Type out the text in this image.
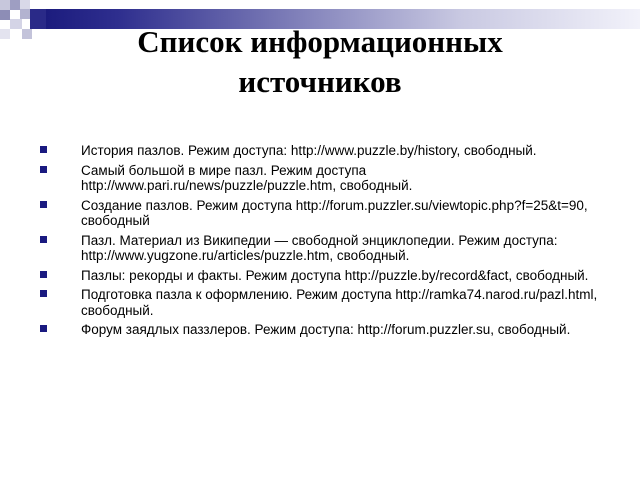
Список информационных
источников
История пазлов. Режим доступа: http://www.puzzle.by/history, свободный.
Самый большой в мире пазл. Режим доступа http://www.pari.ru/news/puzzle/puzzle.htm, свободный.
Создание пазлов. Режим доступа http://forum.puzzler.su/viewtopic.php?f=25&t=90, свободный
Пазл. Материал из Википедии — свободной энциклопедии. Режим доступа: http://www.yugzone.ru/articles/puzzle.htm, свободный.
Пазлы: рекорды и факты. Режим доступа http://puzzle.by/record&fact, свободный.
Подготовка пазла к оформлению. Режим доступа http://ramka74.narod.ru/pazl.html, свободный.
Форум заядлых паззлеров. Режим доступа: http://forum.puzzler.su, свободный.
